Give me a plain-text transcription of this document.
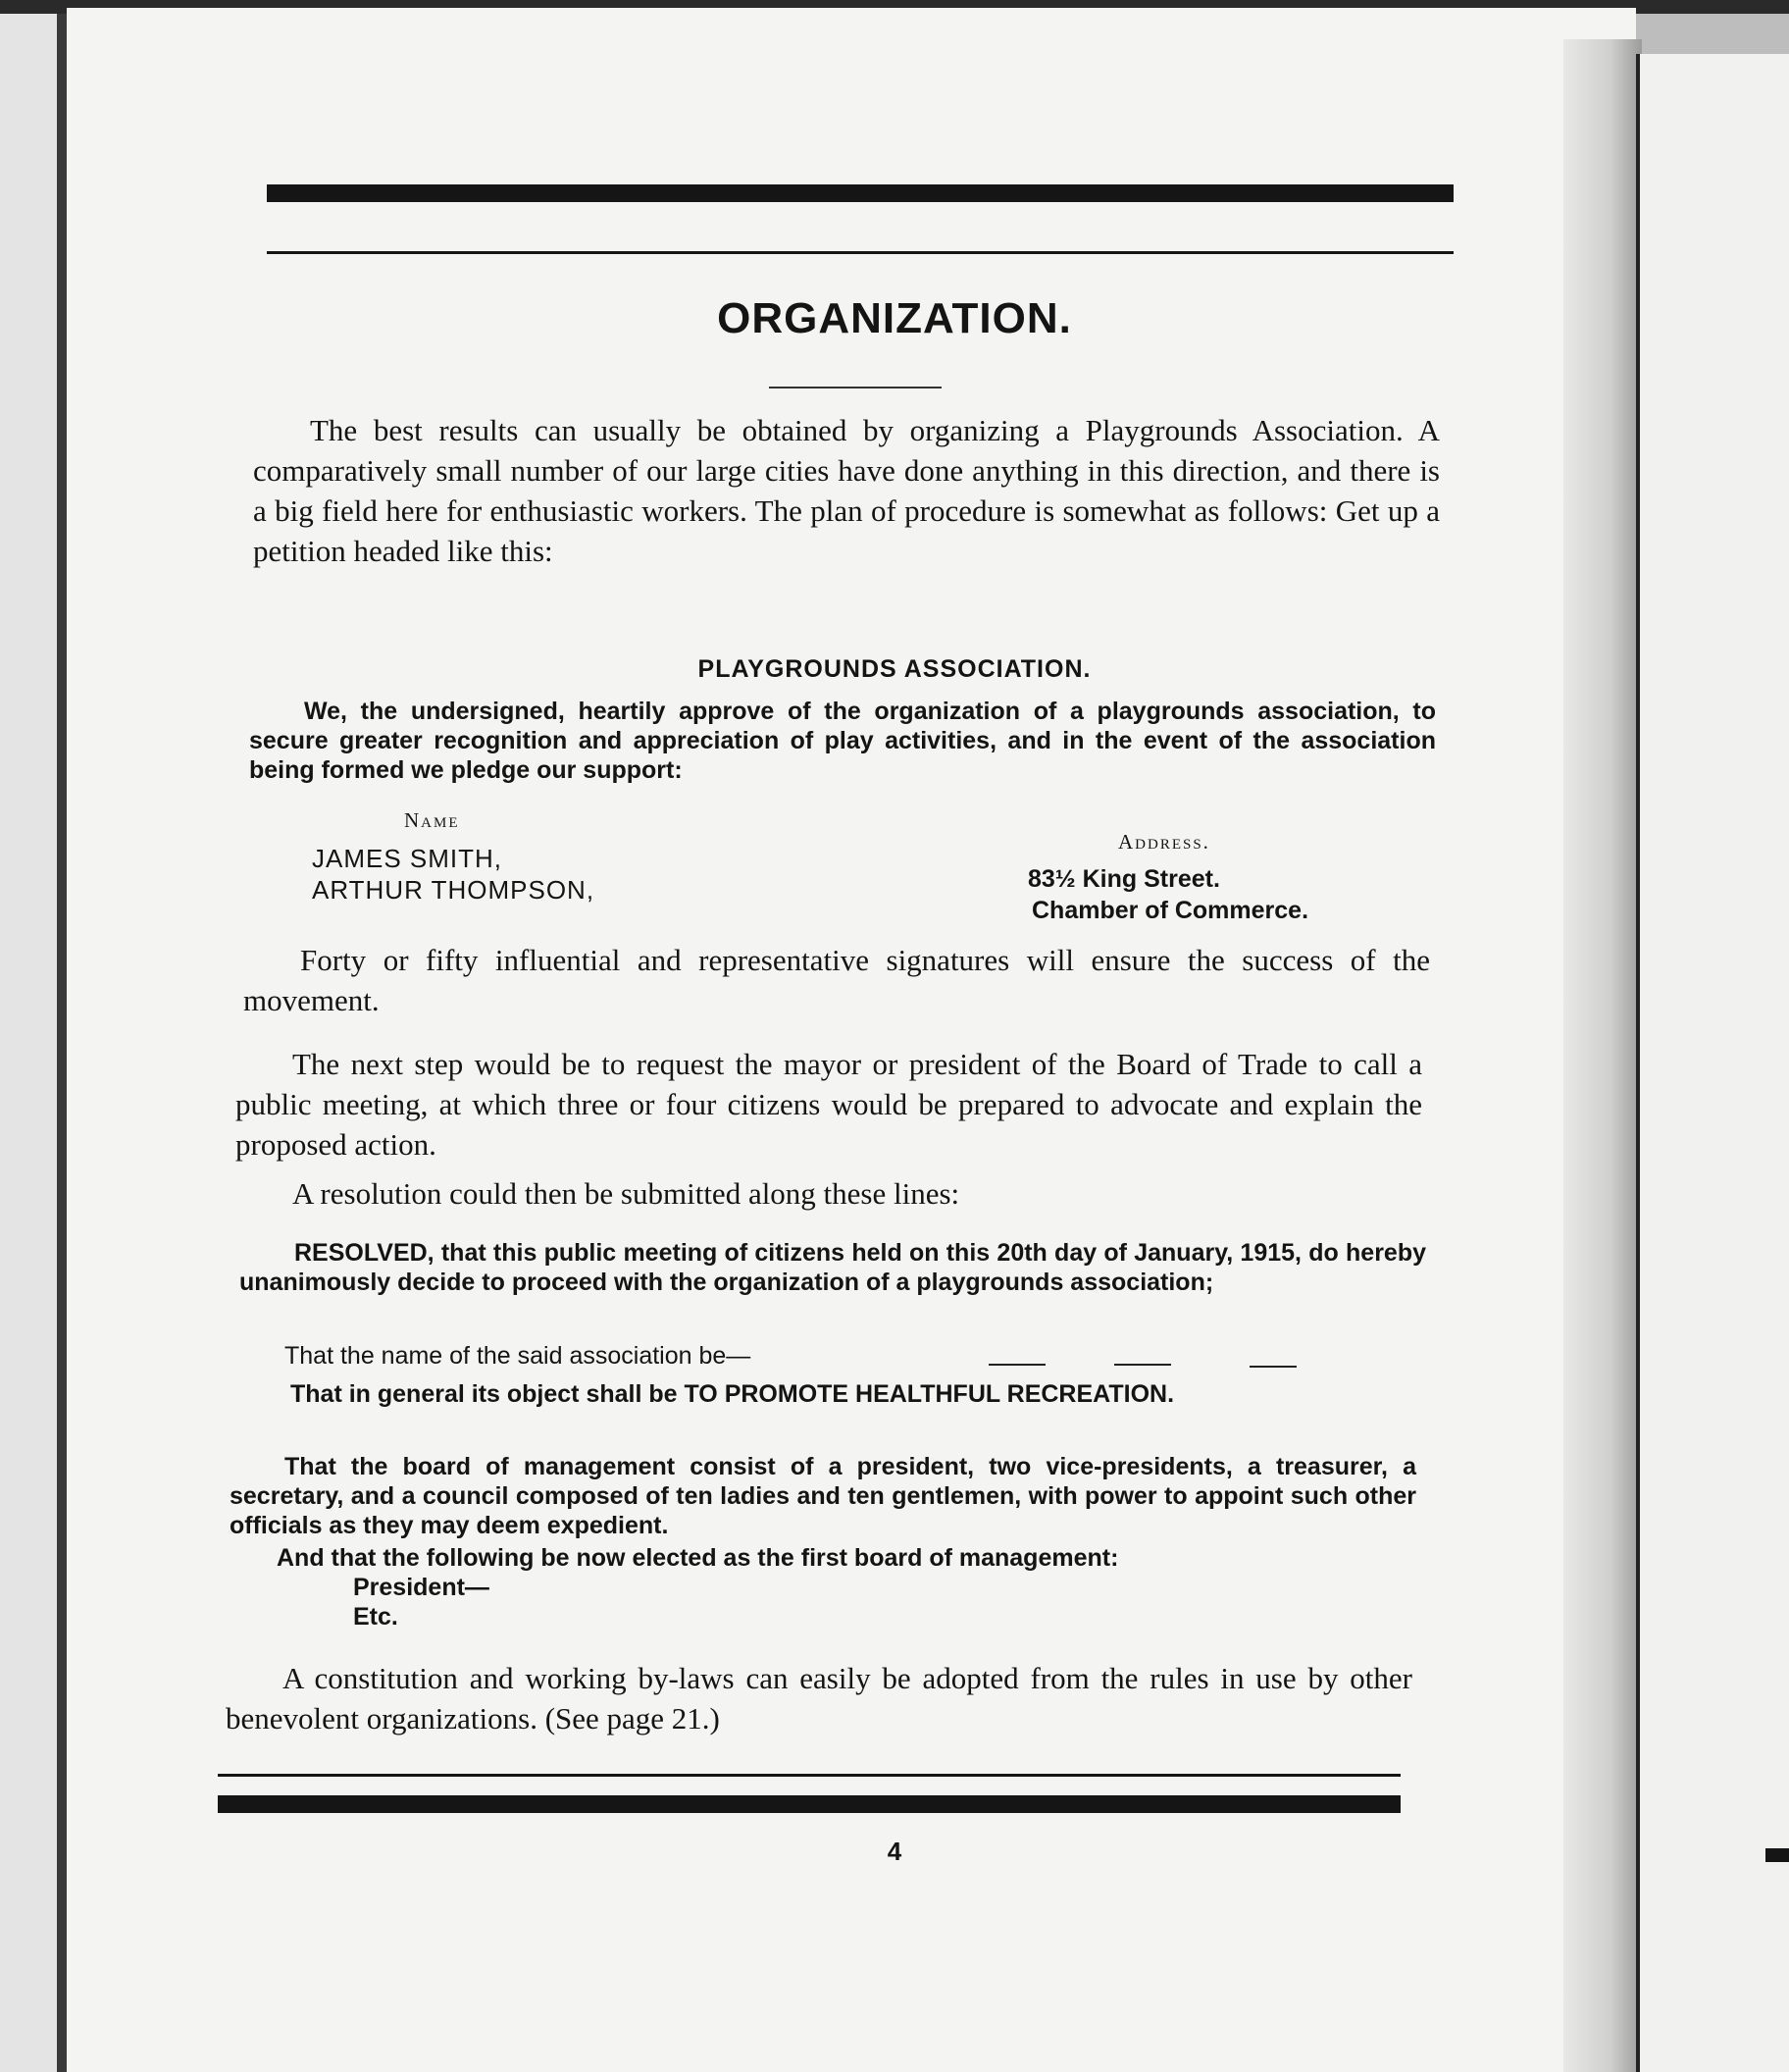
ORGANIZATION.

The best results can usually be obtained by organizing a Playgrounds Association. A comparatively small number of our large cities have done anything in this direction, and there is a big field here for enthusiastic workers. The plan of procedure is somewhat as follows: Get up a petition headed like this:

PLAYGROUNDS ASSOCIATION.

We, the undersigned, heartily approve of the organization of a playgrounds association, to secure greater recognition and appreciation of play activities, and in the event of the association being formed we pledge our support:

Name
Address.
JAMES SMITH,
ARTHUR THOMPSON,	83½ King Street.
Chamber of Commerce.

Forty or fifty influential and representative signatures will ensure the success of the movement.

The next step would be to request the mayor or president of the Board of Trade to call a public meeting, at which three or four citizens would be prepared to advocate and explain the proposed action.

A resolution could then be submitted along these lines:

RESOLVED, that this public meeting of citizens held on this 20th day of January, 1915, do hereby unanimously decide to proceed with the organization of a playgrounds association;

That the name of the said association be—

That in general its object shall be TO PROMOTE HEALTHFUL RECREATION.

That the board of management consist of a president, two vice-presidents, a treasurer, a secretary, and a council composed of ten ladies and ten gentlemen, with power to appoint such other officials as they may deem expedient.

And that the following be now elected as the first board of management:
President—
Etc.

A constitution and working by-laws can easily be adopted from the rules in use by other benevolent organizations. (See page 21.)

4
